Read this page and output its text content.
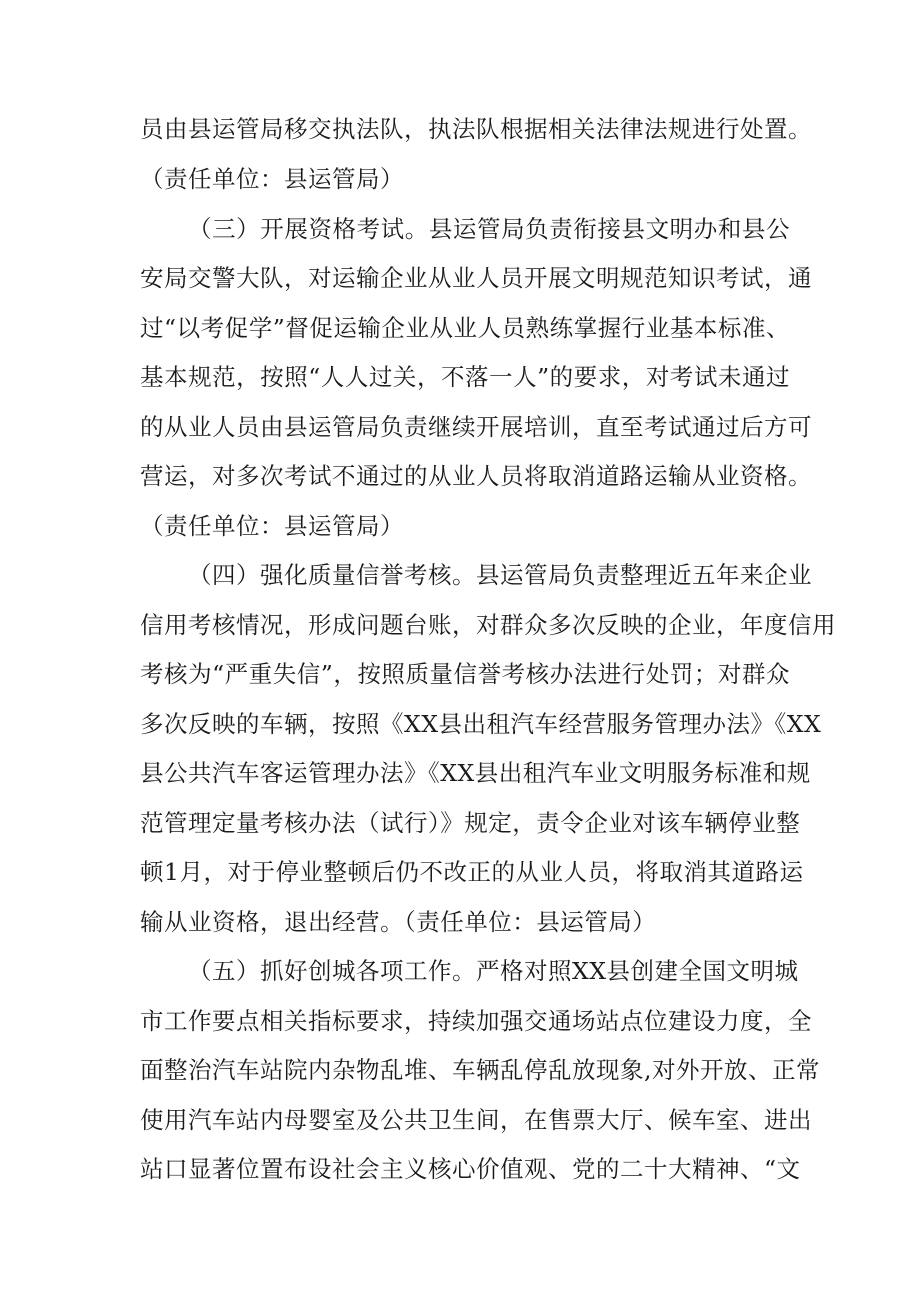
员由县运管局移交执法队，执法队根据相关法律法规进行处置。
（责任单位：县运管局）
（三）开展资格考试。县运管局负责衔接县文明办和县公
安局交警大队，对运输企业从业人员开展文明规范知识考试，通
过“以考促学”督促运输企业从业人员熟练掌握行业基本标准、
基本规范，按照“人人过关，不落一人”的要求，对考试未通过
的从业人员由县运管局负责继续开展培训，直至考试通过后方可
营运，对多次考试不通过的从业人员将取消道路运输从业资格。
（责任单位：县运管局）
（四）强化质量信誉考核。县运管局负责整理近五年来企业
信用考核情况，形成问题台账，对群众多次反映的企业，年度信用
考核为“严重失信”，按照质量信誉考核办法进行处罚；对群众
多次反映的车辆，按照《XX县出租汽车经营服务管理办法》《XX
县公共汽车客运管理办法》《XX县出租汽车业文明服务标准和规
范管理定量考核办法（试行）》规定，责令企业对该车辆停业整
顿1月，对于停业整顿后仍不改正的从业人员，将取消其道路运
输从业资格，退出经营。（责任单位：县运管局）
（五）抓好创城各项工作。严格对照XX县创建全国文明城
市工作要点相关指标要求，持续加强交通场站点位建设力度，全
面整治汽车站院内杂物乱堆、车辆乱停乱放现象,对外开放、正常
使用汽车站内母婴室及公共卫生间，在售票大厅、候车室、进出
站口显著位置布设社会主义核心价值观、党的二十大精神、“文
